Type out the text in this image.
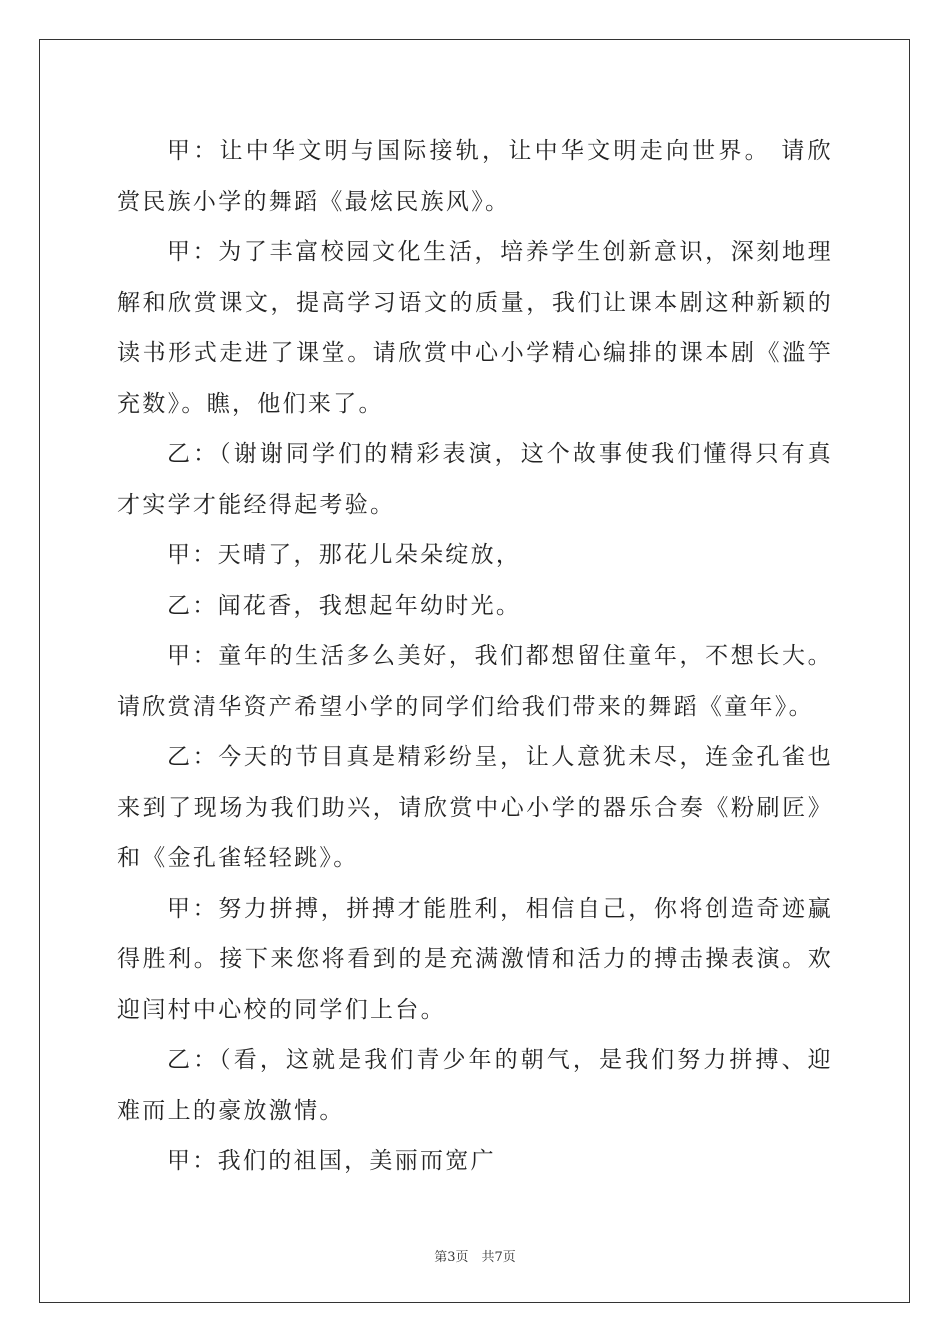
甲：让中华文明与国际接轨，让中华文明走向世界。 请欣赏民族小学的舞蹈《最炫民族风》。

甲：为了丰富校园文化生活，培养学生创新意识，深刻地理解和欣赏课文，提高学习语文的质量，我们让课本剧这种新颖的读书形式走进了课堂。请欣赏中心小学精心编排的课本剧《滥竽充数》。瞧，他们来了。

乙：（谢谢同学们的精彩表演，这个故事使我们懂得只有真才实学才能经得起考验。

甲：天晴了，那花儿朵朵绽放，

乙：闻花香，我想起年幼时光。

甲：童年的生活多么美好，我们都想留住童年，不想长大。请欣赏清华资产希望小学的同学们给我们带来的舞蹈《童年》。

乙：今天的节目真是精彩纷呈，让人意犹未尽，连金孔雀也来到了现场为我们助兴，请欣赏中心小学的器乐合奏《粉刷匠》和《金孔雀轻轻跳》。

甲：努力拼搏，拼搏才能胜利，相信自己，你将创造奇迹赢得胜利。接下来您将看到的是充满激情和活力的搏击操表演。欢迎闫村中心校的同学们上台。

乙：（看，这就是我们青少年的朝气，是我们努力拼搏、迎难而上的豪放激情。

甲：我们的祖国，美丽而宽广

第3页　共7页
